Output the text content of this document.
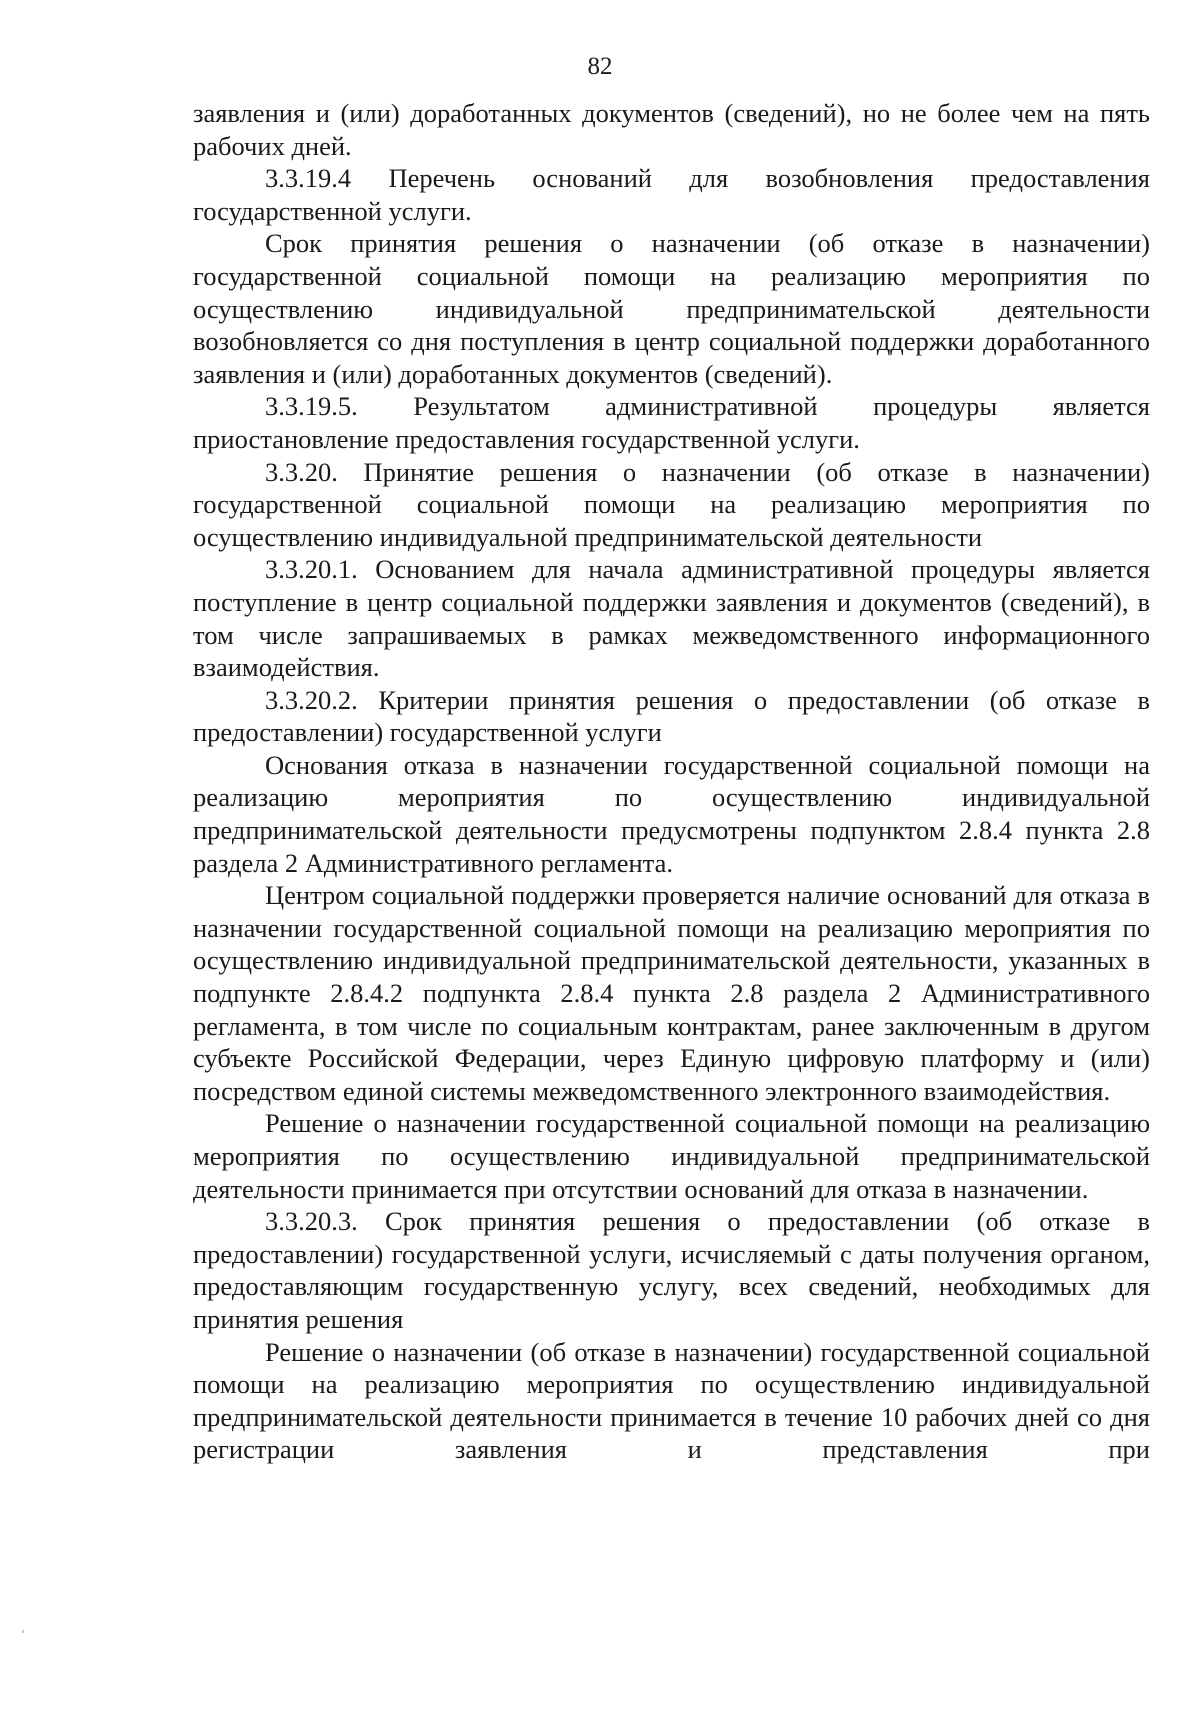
82

заявления и (или) доработанных документов (сведений), но не более чем на пять рабочих дней.

3.3.19.4 Перечень оснований для возобновления предоставления государственной услуги.

Срок принятия решения о назначении (об отказе в назначении) государственной социальной помощи на реализацию мероприятия по осуществлению индивидуальной предпринимательской деятельности возобновляется со дня поступления в центр социальной поддержки доработанного заявления и (или) доработанных документов (сведений).

3.3.19.5. Результатом административной процедуры является приостановление предоставления государственной услуги.

3.3.20. Принятие решения о назначении (об отказе в назначении) государственной социальной помощи на реализацию мероприятия по осуществлению индивидуальной предпринимательской деятельности

3.3.20.1. Основанием для начала административной процедуры является поступление в центр социальной поддержки заявления и документов (сведений), в том числе запрашиваемых в рамках межведомственного информационного взаимодействия.

3.3.20.2. Критерии принятия решения о предоставлении (об отказе в предоставлении) государственной услуги

Основания отказа в назначении государственной социальной помощи на реализацию мероприятия по осуществлению индивидуальной предпринимательской деятельности предусмотрены подпунктом 2.8.4 пункта 2.8 раздела 2 Административного регламента.

Центром социальной поддержки проверяется наличие оснований для отказа в назначении государственной социальной помощи на реализацию мероприятия по осуществлению индивидуальной предпринимательской деятельности, указанных в подпункте 2.8.4.2 подпункта 2.8.4 пункта 2.8 раздела 2 Административного регламента, в том числе по социальным контрактам, ранее заключенным в другом субъекте Российской Федерации, через Единую цифровую платформу и (или) посредством единой системы межведомственного электронного взаимодействия.

Решение о назначении государственной социальной помощи на реализацию мероприятия по осуществлению индивидуальной предпринимательской деятельности принимается при отсутствии оснований для отказа в назначении.

3.3.20.3. Срок принятия решения о предоставлении (об отказе в предоставлении) государственной услуги, исчисляемый с даты получения органом, предоставляющим государственную услугу, всех сведений, необходимых для принятия решения

Решение о назначении (об отказе в назначении) государственной социальной помощи на реализацию мероприятия по осуществлению индивидуальной предпринимательской деятельности принимается в течение 10 рабочих дней со дня регистрации заявления и представления при
